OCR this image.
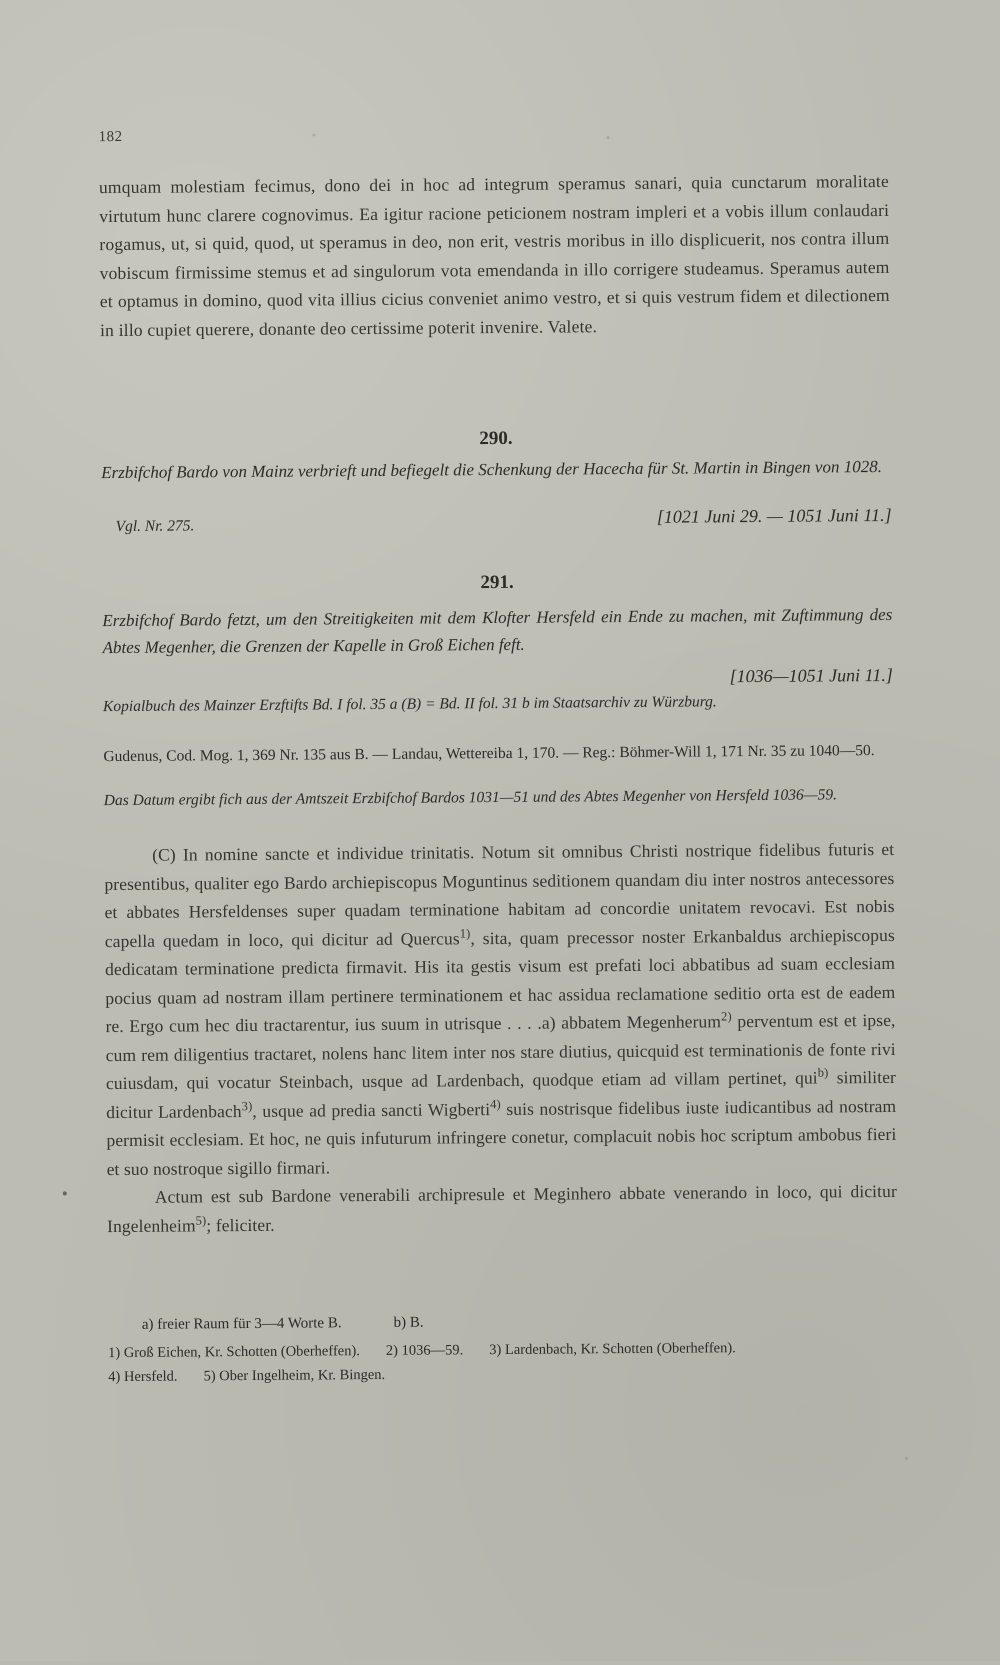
182
umquam molestiam fecimus, dono dei in hoc ad integrum speramus sanari, quia cunctarum moralitate virtutum hunc clarere cognovimus. Ea igitur racione peticionem nostram impleri et a vobis illum conlaudari rogamus, ut, si quid, quod, ut speramus in deo, non erit, vestris moribus in illo displicuerit, nos contra illum vobiscum firmissime stemus et ad singulorum vota emendanda in illo corrigere studeamus. Speramus autem et optamus in domino, quod vita illius cicius conveniet animo vestro, et si quis vestrum fidem et dilectionem in illo cupiet querere, donante deo certissime poterit invenire. Valete.
290.
Erzbifchof Bardo von Mainz verbrieft und befiegelt die Schenkung der Hacecha für St. Martin in Bingen von 1028.
Vgl. Nr. 275.	[1021 Juni 29. — 1051 Juni 11.]
291.
Erzbifchof Bardo fetzt, um den Streitigkeiten mit dem Klofter Hersfeld ein Ende zu machen, mit Zuftimmung des Abtes Megenher, die Grenzen der Kapelle in Groß Eichen feft.
[1036—1051 Juni 11.]
Kopialbuch des Mainzer Erzftifts Bd. I fol. 35 a (B) = Bd. II fol. 31 b im Staatsarchiv zu Würzburg.
Gudenus, Cod. Mog. 1, 369 Nr. 135 aus B. — Landau, Wettereiba 1, 170. — Reg.: Böhmer-Will 1, 171 Nr. 35 zu 1040—50.
Das Datum ergibt fich aus der Amtszeit Erzbifchof Bardos 1031—51 und des Abtes Megenher von Hersfeld 1036—59.
(C) In nomine sancte et individue trinitatis. Notum sit omnibus Christi nostrique fidelibus futuris et presentibus, qualiter ego Bardo archiepiscopus Moguntinus seditionem quandam diu inter nostros antecessores et abbates Hersfeldenses super quadam terminatione habitam ad concordie unitatem revocavi. Est nobis capella quedam in loco, qui dicitur ad Quercus$^{1)}$, sita, quam precessor noster Erkanbaldus archiepiscopus dedicatam terminatione predicta firmavit. His ita gestis visum est prefati loci abbatibus ad suam ecclesiam pocius quam ad nostram illam pertinere terminationem et hac assidua reclamatione seditio orta est de eadem re. Ergo cum hec diu tractarentur, ius suum in utrisque . . . .a) abbatem Megenherum$^{2)}$ perventum est et ipse, cum rem diligentius tractaret, nolens hanc litem inter nos stare diutius, quicquid est terminationis de fonte rivi cuiusdam, qui vocatur Steinbach, usque ad Lardenbach, quodque etiam ad villam pertinet, qui$^{b)}$ similiter dicitur Lardenbach$^{3)}$, usque ad predia sancti Wigberti$^{4)}$ suis nostrisque fidelibus iuste iudicantibus ad nostram permisit ecclesiam. Et hoc, ne quis infuturum infringere conetur, complacuit nobis hoc scriptum ambobus fieri et suo nostroque sigillo firmari.
Actum est sub Bardone venerabili archipresule et Meginhero abbate venerando in loco, qui dicitur Ingelenheim$^{5)}$; feliciter.
a) freier Raum für 3—4 Worte B.	b) B.
1) Groß Eichen, Kr. Schotten (Oberheffen). 2) 1036—59. 3) Lardenbach, Kr. Schotten (Oberheffen).
4) Hersfeld. 5) Ober Ingelheim, Kr. Bingen.
